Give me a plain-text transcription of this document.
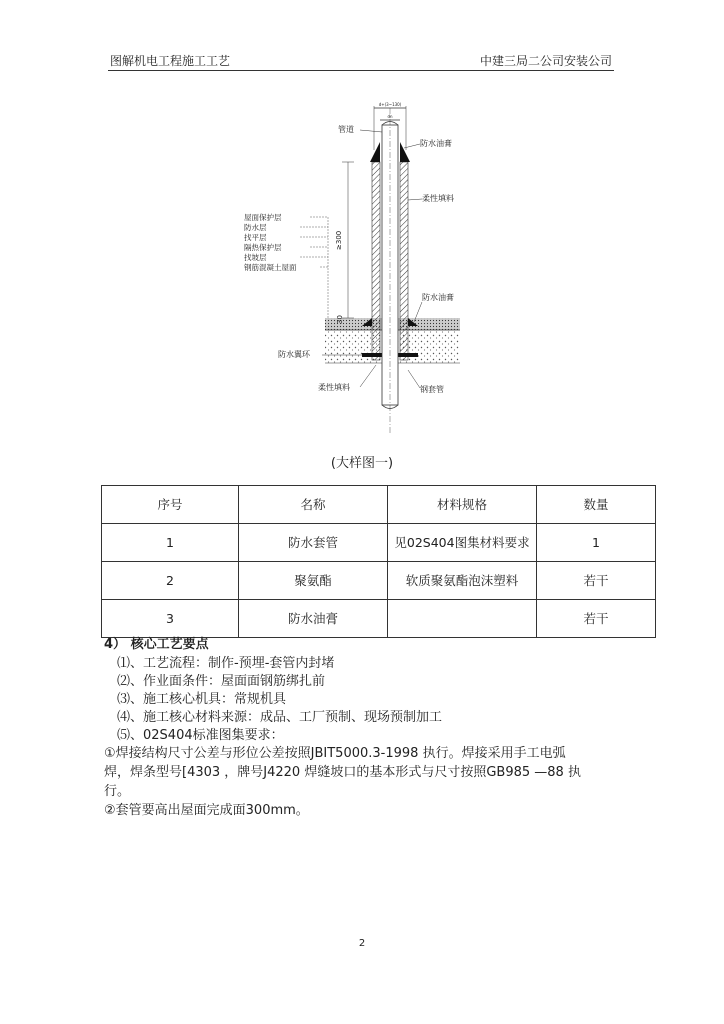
图解机电工程施工工艺	中建三局二公司安装公司
d+(3~130)
dn
≥300
30
管道
屋面保护层
防水层
找平层
隔热保护层
找坡层
钢筋混凝土屋面
防水翼环
柔性填料
防水油膏
柔性填料
防水油膏
钢套管
(大样图一)
序号	名称	材料规格	数量
1	防水套管	见02S404图集材料要求	1
2	聚氨酯	软质聚氨酯泡沫塑料	若干
3	防水油膏		若干
4） 核心工艺要点
⑴、工艺流程：制作-预埋-套管内封堵
⑵、作业面条件：屋面面钢筋绑扎前
⑶、施工核心机具：常规机具
⑷、施工核心材料来源：成品、工厂预制、现场预制加工
⑸、02S404标准图集要求：
①焊接结构尺寸公差与形位公差按照JBIT5000.3-1998 执行。焊接采用手工电弧
焊，焊条型号[4303 ，牌号J4220 焊缝坡口的基本形式与尺寸按照GB985 —88 执
行。
②套管要高出屋面完成面300mm。
2
